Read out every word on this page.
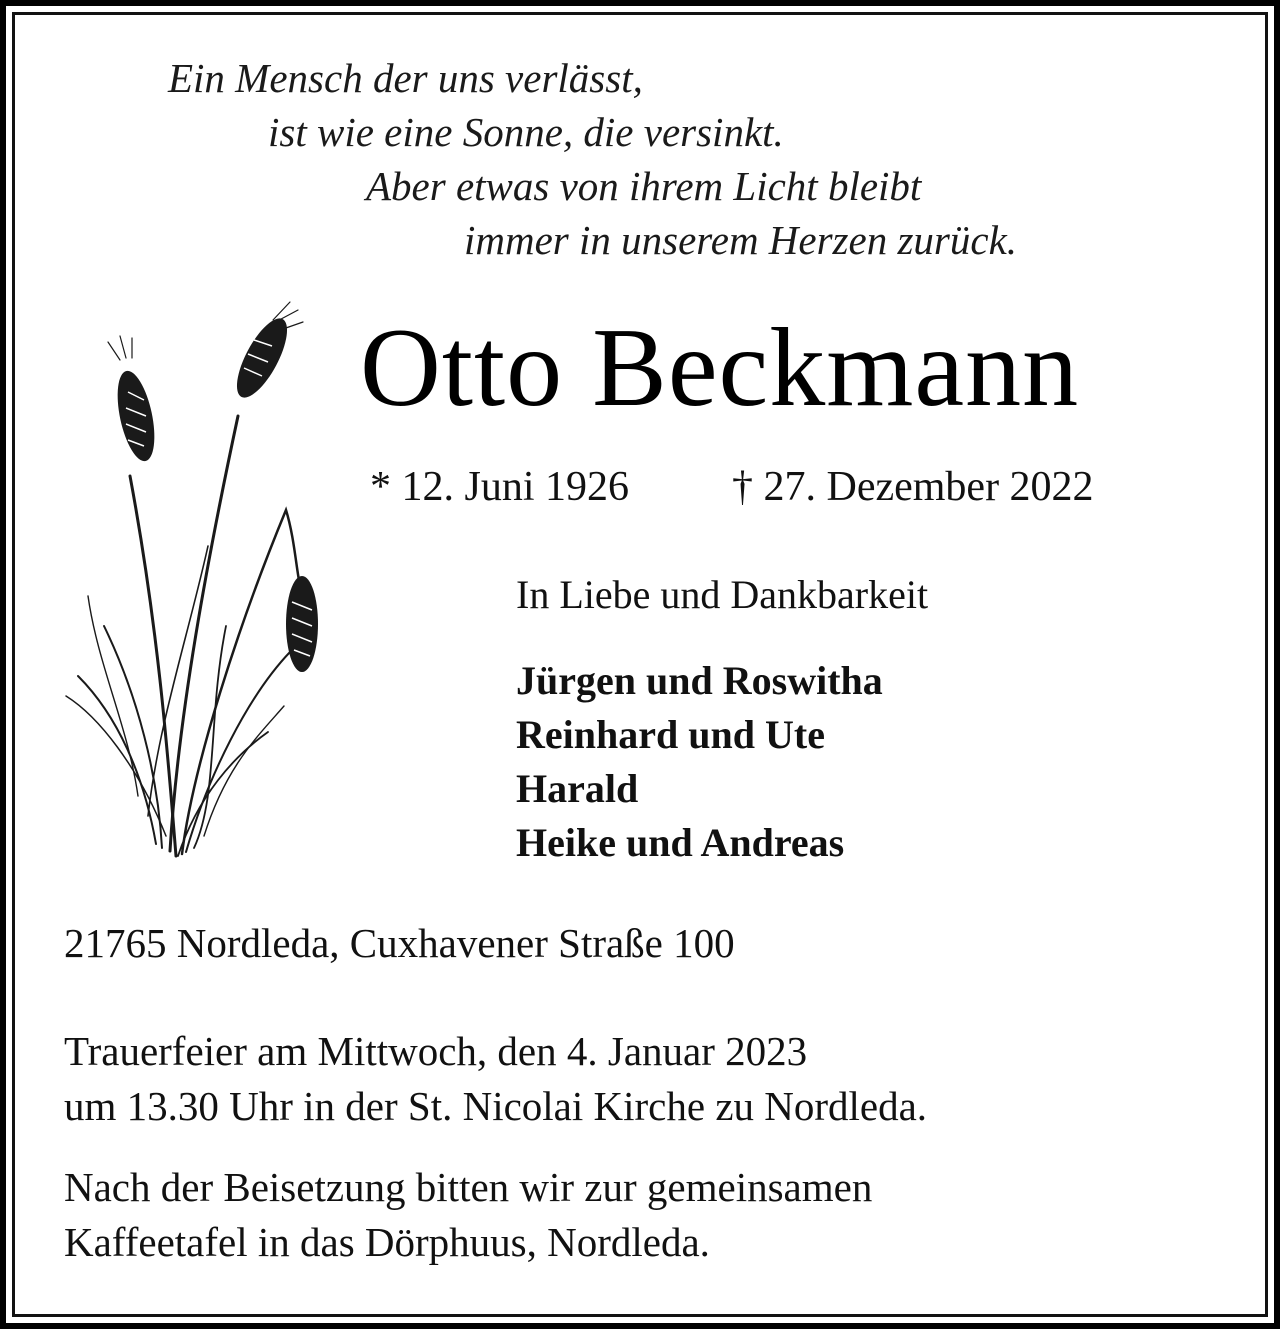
Ein Mensch der uns verlässt,
ist wie eine Sonne, die versinkt.
Aber etwas von ihrem Licht bleibt
immer in unserem Herzen zurück.
Otto Beckmann
* 12. Juni 1926 † 27. Dezember 2022
In Liebe und Dankbarkeit
Jürgen und Roswitha
Reinhard und Ute
Harald
Heike und Andreas
21765 Nordleda, Cuxhavener Straße 100
Trauerfeier am Mittwoch, den 4. Januar 2023
um 13.30 Uhr in der St. Nicolai Kirche zu Nordleda.
Nach der Beisetzung bitten wir zur gemeinsamen
Kaffeetafel in das Dörphuus, Nordleda.
